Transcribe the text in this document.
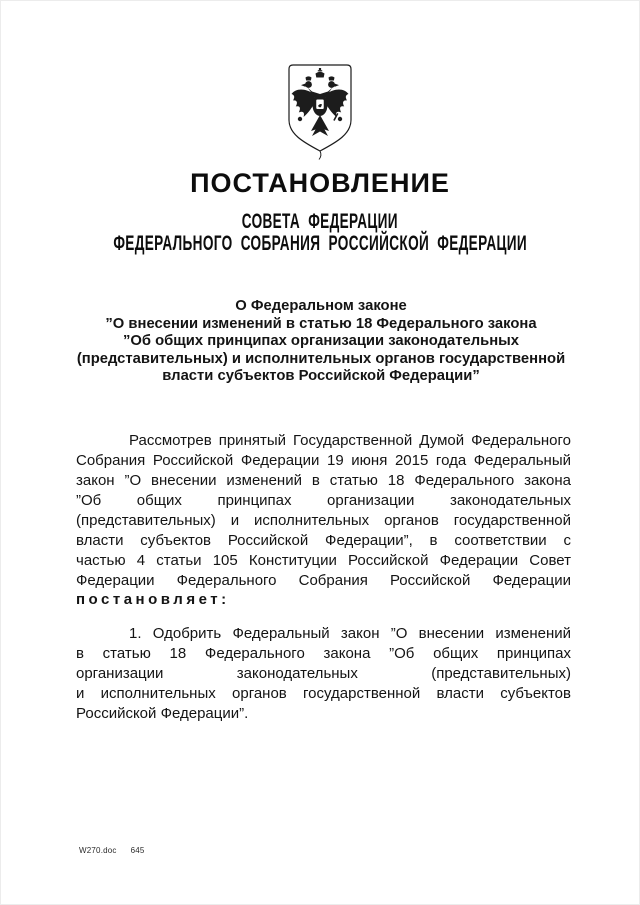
ПОСТАНОВЛЕНИЕ
СОВЕТА ФЕДЕРАЦИИ
ФЕДЕРАЛЬНОГО СОБРАНИЯ РОССИЙСКОЙ ФЕДЕРАЦИИ
О Федеральном законе
”О внесении изменений в статью 18 Федерального закона
”Об общих принципах организации законодательных
(представительных) и исполнительных органов государственной
власти субъектов Российской Федерации”
Рассмотрев принятый Государственной Думой Федерального
Собрания Российской Федерации 19 июня 2015 года Федеральный
закон ”О внесении изменений в статью 18 Федерального закона
”Об общих принципах организации законодательных
(представительных) и исполнительных органов государственной
власти субъектов Российской Федерации”, в соответствии с
частью 4 статьи 105 Конституции Российской Федерации Совет
Федерации Федерального Собрания Российской Федерации
постановляет:
1. Одобрить Федеральный закон ”О внесении изменений
в статью 18 Федерального закона ”Об общих принципах
организации законодательных (представительных)
и исполнительных органов государственной власти субъектов
Российской Федерации”.
W270.doc 645
